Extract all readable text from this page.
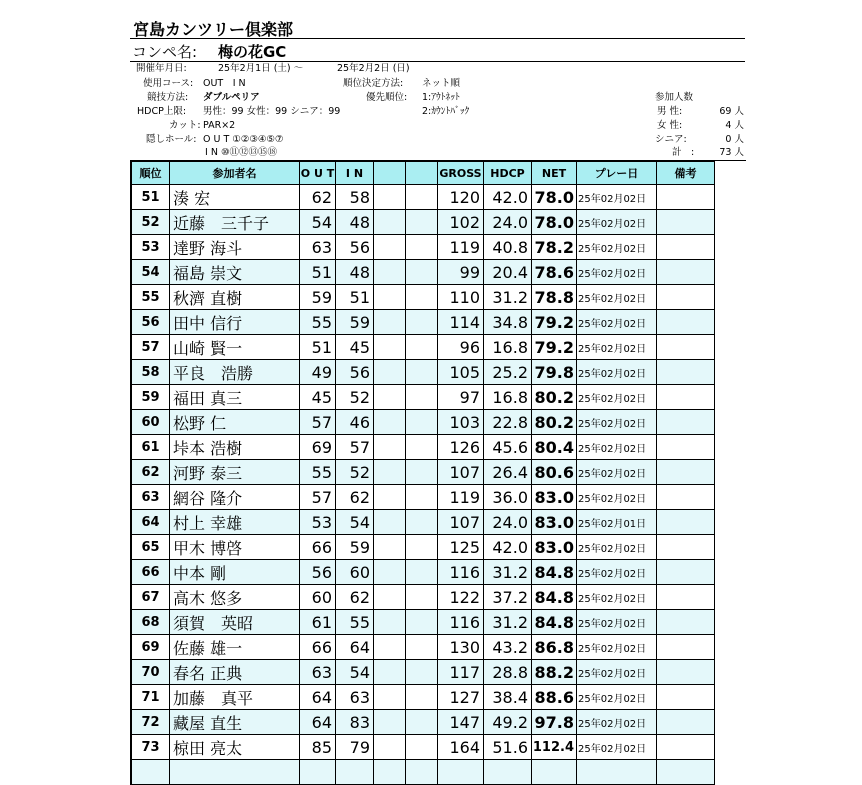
宮島カンツリー倶楽部
コンペ名: 梅の花GC
開催年月日:	25年2月1日 (土) ～	25年2月2日 (日)
使用コース: OUT　I N	順位決定方法: ネット順
競技方法: ダブルペリア	優先順位: 1:ｱｳﾄﾈｯﾄ
2:ｶｳﾝﾄﾊﾞｯｸ
HDCP上限: 男性：99 女性：99 シニア：99
カット: PAR×2
隠しホール: O U T ①②③④⑤⑦
I N ⑩⑪⑫⑬⑮⑱
参加人数
男 性:	69 人
女 性:	4 人
シニア:	0 人
計　:	73 人
順位	参加者名	O U T	I N			GROSS	HDCP	NET	プレー日	備考
51	湊 宏	62	58			120	42.0	78.0	25年02月02日	
52	近藤　三千子	54	48			102	24.0	78.0	25年02月02日	
53	達野 海斗	63	56			119	40.8	78.2	25年02月02日	
54	福島 崇文	51	48			99	20.4	78.6	25年02月02日	
55	秋濟 直樹	59	51			110	31.2	78.8	25年02月02日	
56	田中 信行	55	59			114	34.8	79.2	25年02月02日	
57	山崎 賢一	51	45			96	16.8	79.2	25年02月02日	
58	平良　浩勝	49	56			105	25.2	79.8	25年02月02日	
59	福田 真三	45	52			97	16.8	80.2	25年02月02日	
60	松野 仁	57	46			103	22.8	80.2	25年02月02日	
61	垰本 浩樹	69	57			126	45.6	80.4	25年02月02日	
62	河野 泰三	55	52			107	26.4	80.6	25年02月02日	
63	網谷 隆介	57	62			119	36.0	83.0	25年02月02日	
64	村上 幸雄	53	54			107	24.0	83.0	25年02月01日	
65	甲木 博啓	66	59			125	42.0	83.0	25年02月02日	
66	中本 剛	56	60			116	31.2	84.8	25年02月02日	
67	高木 悠多	60	62			122	37.2	84.8	25年02月02日	
68	須賀　英昭	61	55			116	31.2	84.8	25年02月02日	
69	佐藤 雄一	66	64			130	43.2	86.8	25年02月02日	
70	春名 正典	63	54			117	28.8	88.2	25年02月02日	
71	加藤　真平	64	63			127	38.4	88.6	25年02月02日	
72	藏屋 直生	64	83			147	49.2	97.8	25年02月02日	
73	椋田 亮太	85	79			164	51.6	112.4	25年02月02日	
